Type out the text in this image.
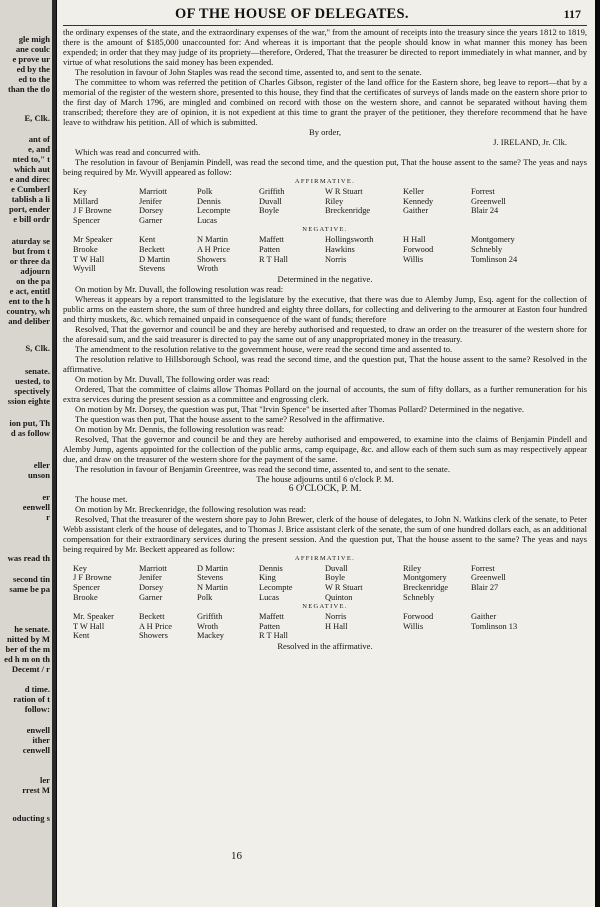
gle migh
ane coulc
e prove ur
ed by the
ed to the
than the tlo
E, Clk.
ant of
e, and
nted to," t
which aut
e and direc
e Cumberl
tablish a li
port, ender
e bill ordr
aturday se
but from t
or three da
adjourn
on the pa
e act, entitl
ent to the h
country, wh
and deliber
S, Clk.
senate.
uested, to
spectively
ssion eighte
ion put, Th
d as follow
eller
unson
er
eenwell
r
was read th
second tin
same be pa
he senate.
nitted by M
ber of the m
ed h m on th
Decemt / r
d time.
ration of t
follow:
enwell
ither
cenwell
ler
rrest M
oducting s
OF THE HOUSE OF DELEGATES.	117

the ordinary expenses of the state, and the extraordinary expenses of the war," from the amount of receipts into the treasury since the years 1812 to 1819, there is the amount of $185,000 unaccounted for: And whereas it is important that the people should know in what manner this money has been expended; in order that they may judge of its propriety—therefore, Ordered, That the treasurer be directed to report immediately in what manner, and by virtue of what resolutions the said money has been expended.

The resolution in favour of John Staples was read the second time, assented to, and sent to the senate.

The committee to whom was referred the petition of Charles Gibson, register of the land office for the Eastern shore, beg leave to report—that by a memorial of the register of the western shore, presented to this house, they find that the certificates of surveys of lands made on the eastern shore prior to the first day of March 1796, are mingled and combined on record with those on the western shore, and cannot be separated without having them transcribed; therefore they are of opinion, it is not expedient at this time to grant the prayer of the petitioner, they therefore recommend that he have leave to withdraw his petition. All of which is submitted.

By order,

J. IRELAND, Jr. Clk.

Which was read and concurred with.

The resolution in favour of Benjamin Pindell, was read the second time, and the question put, That the house assent to the same? The yeas and nays being required by Mr. Wyvill appeared as follow:

AFFIRMATIVE.

Key	Marriott	Polk	Griffith	W R Stuart	Keller	Forrest
Millard	Jenifer	Dennis	Duvall	Riley	Kennedy	Greenwell
J F Browne	Dorsey	Lecompte	Boyle	Breckenridge	Gaither	Blair 24
Spencer	Garner	Lucas				

NEGATIVE.

Mr Speaker	Kent	N Martin	Maffett	Hollingsworth	H Hall	Montgomery
Brooke	Beckett	A H Price	Patten	Hawkins	Forwood	Schnebly
T W Hall	D Martin	Showers	R T Hall	Norris	Willis	Tomlinson 24
Wyvill	Stevens	Wroth				

Determined in the negative.

On motion by Mr. Duvall, the following resolution was read:

Whereas it appears by a report transmitted to the legislature by the executive, that there was due to Alemby Jump, Esq. agent for the collection of public arms on the eastern shore, the sum of three hundred and eighty three dollars, for collecting and delivering to the armourer at Easton four hundred and thirty muskets, &c. which remained unpaid in consequence of the want of funds; therefore

Resolved, That the governor and council be and they are hereby authorised and requested, to draw an order on the treasurer of the western shore for the aforesaid sum, and the said treasurer is directed to pay the same out of any unappropriated money in the treasury.

The amendment to the resolution relative to the government house, were read the second time and assented to.

The resolution relative to Hillsborough School, was read the second time, and the question put, That the house assent to the same? Resolved in the affirmative.

On motion by Mr. Duvall, The following order was read:

Ordered, That the committee of claims allow Thomas Pollard on the journal of accounts, the sum of fifty dollars, as a further remuneration for his extra services during the present session as a committee and engrossing clerk.

On motion by Mr. Dorsey, the question was put, That "Irvin Spence" be inserted after Thomas Pollard? Determined in the negative.

The question was then put, That the house assent to the same? Resolved in the affirmative.

On motion by Mr. Dennis, the following resolution was read:

Resolved, That the governor and council be and they are hereby authorised and empowered, to examine into the claims of Benjamin Pindell and Alemby Jump, agents appointed for the collection of the public arms, camp equipage, &c. and allow each of them such sum as may respectively appear due, and draw on the treasurer of the western shore for the payment of the same.

The resolution in favour of Benjamin Greentree, was read the second time, assented to, and sent to the senate.

The house adjourns until 6 o'clock P. M.

6 O'CLOCK, P. M.

The house met.

On motion by Mr. Breckenridge, the following resolution was read:

Resolved, That the treasurer of the western shore pay to John Brewer, clerk of the house of delegates, to John N. Watkins clerk of the senate, to Peter Webb assistant clerk of the house of delegates, and to Thomas J. Brice assistant clerk of the senate, the sum of one hundred dollars each, as an additional compensation for their extraordinary services during the present session. And the question put, That the house assent to the same? The yeas and nays being required by Mr. Beckett appeared as follow:

AFFIRMATIVE.

Key	Marriott	D Martin	Dennis	Duvall	Riley	Forrest
J F Browne	Jenifer	Stevens	King	Boyle	Montgomery	Greenwell
Spencer	Dorsey	N Martin	Lecompte	W R Stuart	Breckenridge	Blair 27
Brooke	Garner	Polk	Lucas	Quinton	Schnebly	

NEGATIVE.

Mr. Speaker	Beckett	Griffith	Maffett	Norris	Forwood	Gaither
T W Hall	A H Price	Wroth	Patten	H Hall	Willis	Tomlinson 13
Kent	Showers	Mackey	R T Hall			

Resolved in the affirmative.

16
